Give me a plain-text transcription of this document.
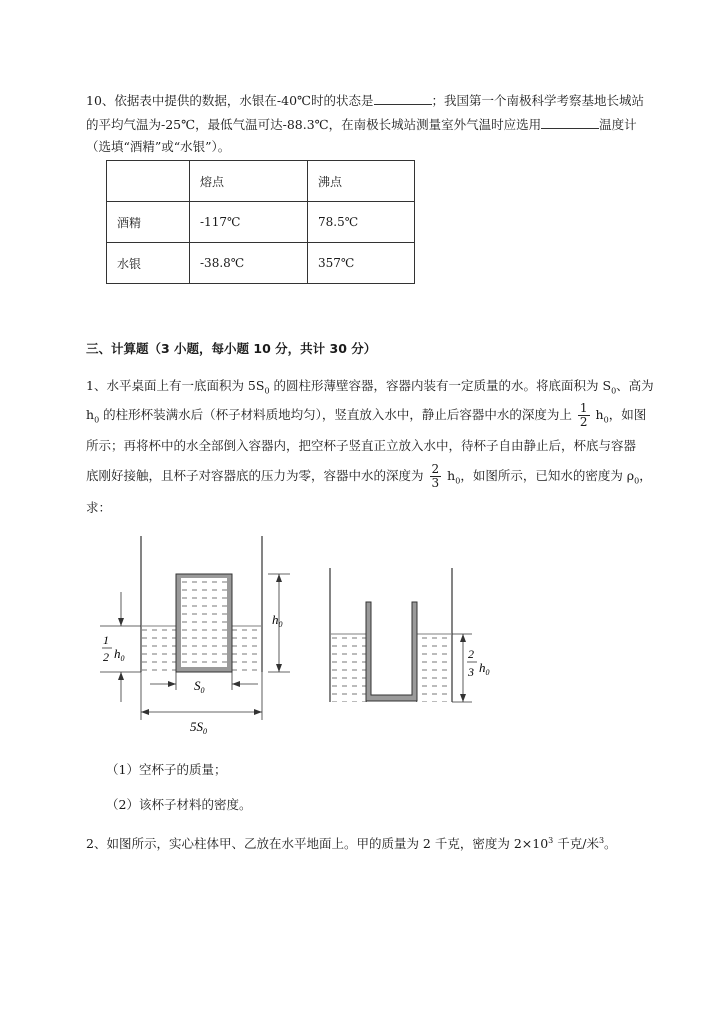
10、依据表中提供的数据，水银在-40℃时的状态是	；我国第一个南极科学考察基地长城站
的平均气温为-25℃，最低气温可达-88.3℃，在南极长城站测量室外气温时应选用	温度计
（选填“酒精”或“水银”）。
	熔点	沸点
酒精	-117℃	78.5℃
水银	-38.8℃	357℃
三、计算题（3 小题，每小题 10 分，共计 30 分）
1、水平桌面上有一底面积为 $5S_0$ 的圆柱形薄壁容器，容器内装有一定质量的水。将底面积为 $S_0$、高为
$h_0$ 的柱形杯装满水后（杯子材料质地均匀），竖直放入水中，静止后容器中水的深度为上 $\frac{1}{2} h_0$，如图
所示；再将杯中的水全部倒入容器内，把空杯子竖直正立放入水中，待杯子自由静止后，杯底与容器
底刚好接触，且杯子对容器底的压力为零，容器中水的深度为 $\frac{2}{3} h_0$，如图所示，已知水的密度为 $\rho_0$，
求：
$h_0$
1
2 $h_0$
$S_0$
$5S_0$
2
3 $h_0$
（1）空杯子的质量；
（2）该杯子材料的密度。
2、如图所示，实心柱体甲、乙放在水平地面上。甲的质量为 2 千克，密度为 $2\times 10^3$ 千克/米$^3$。
